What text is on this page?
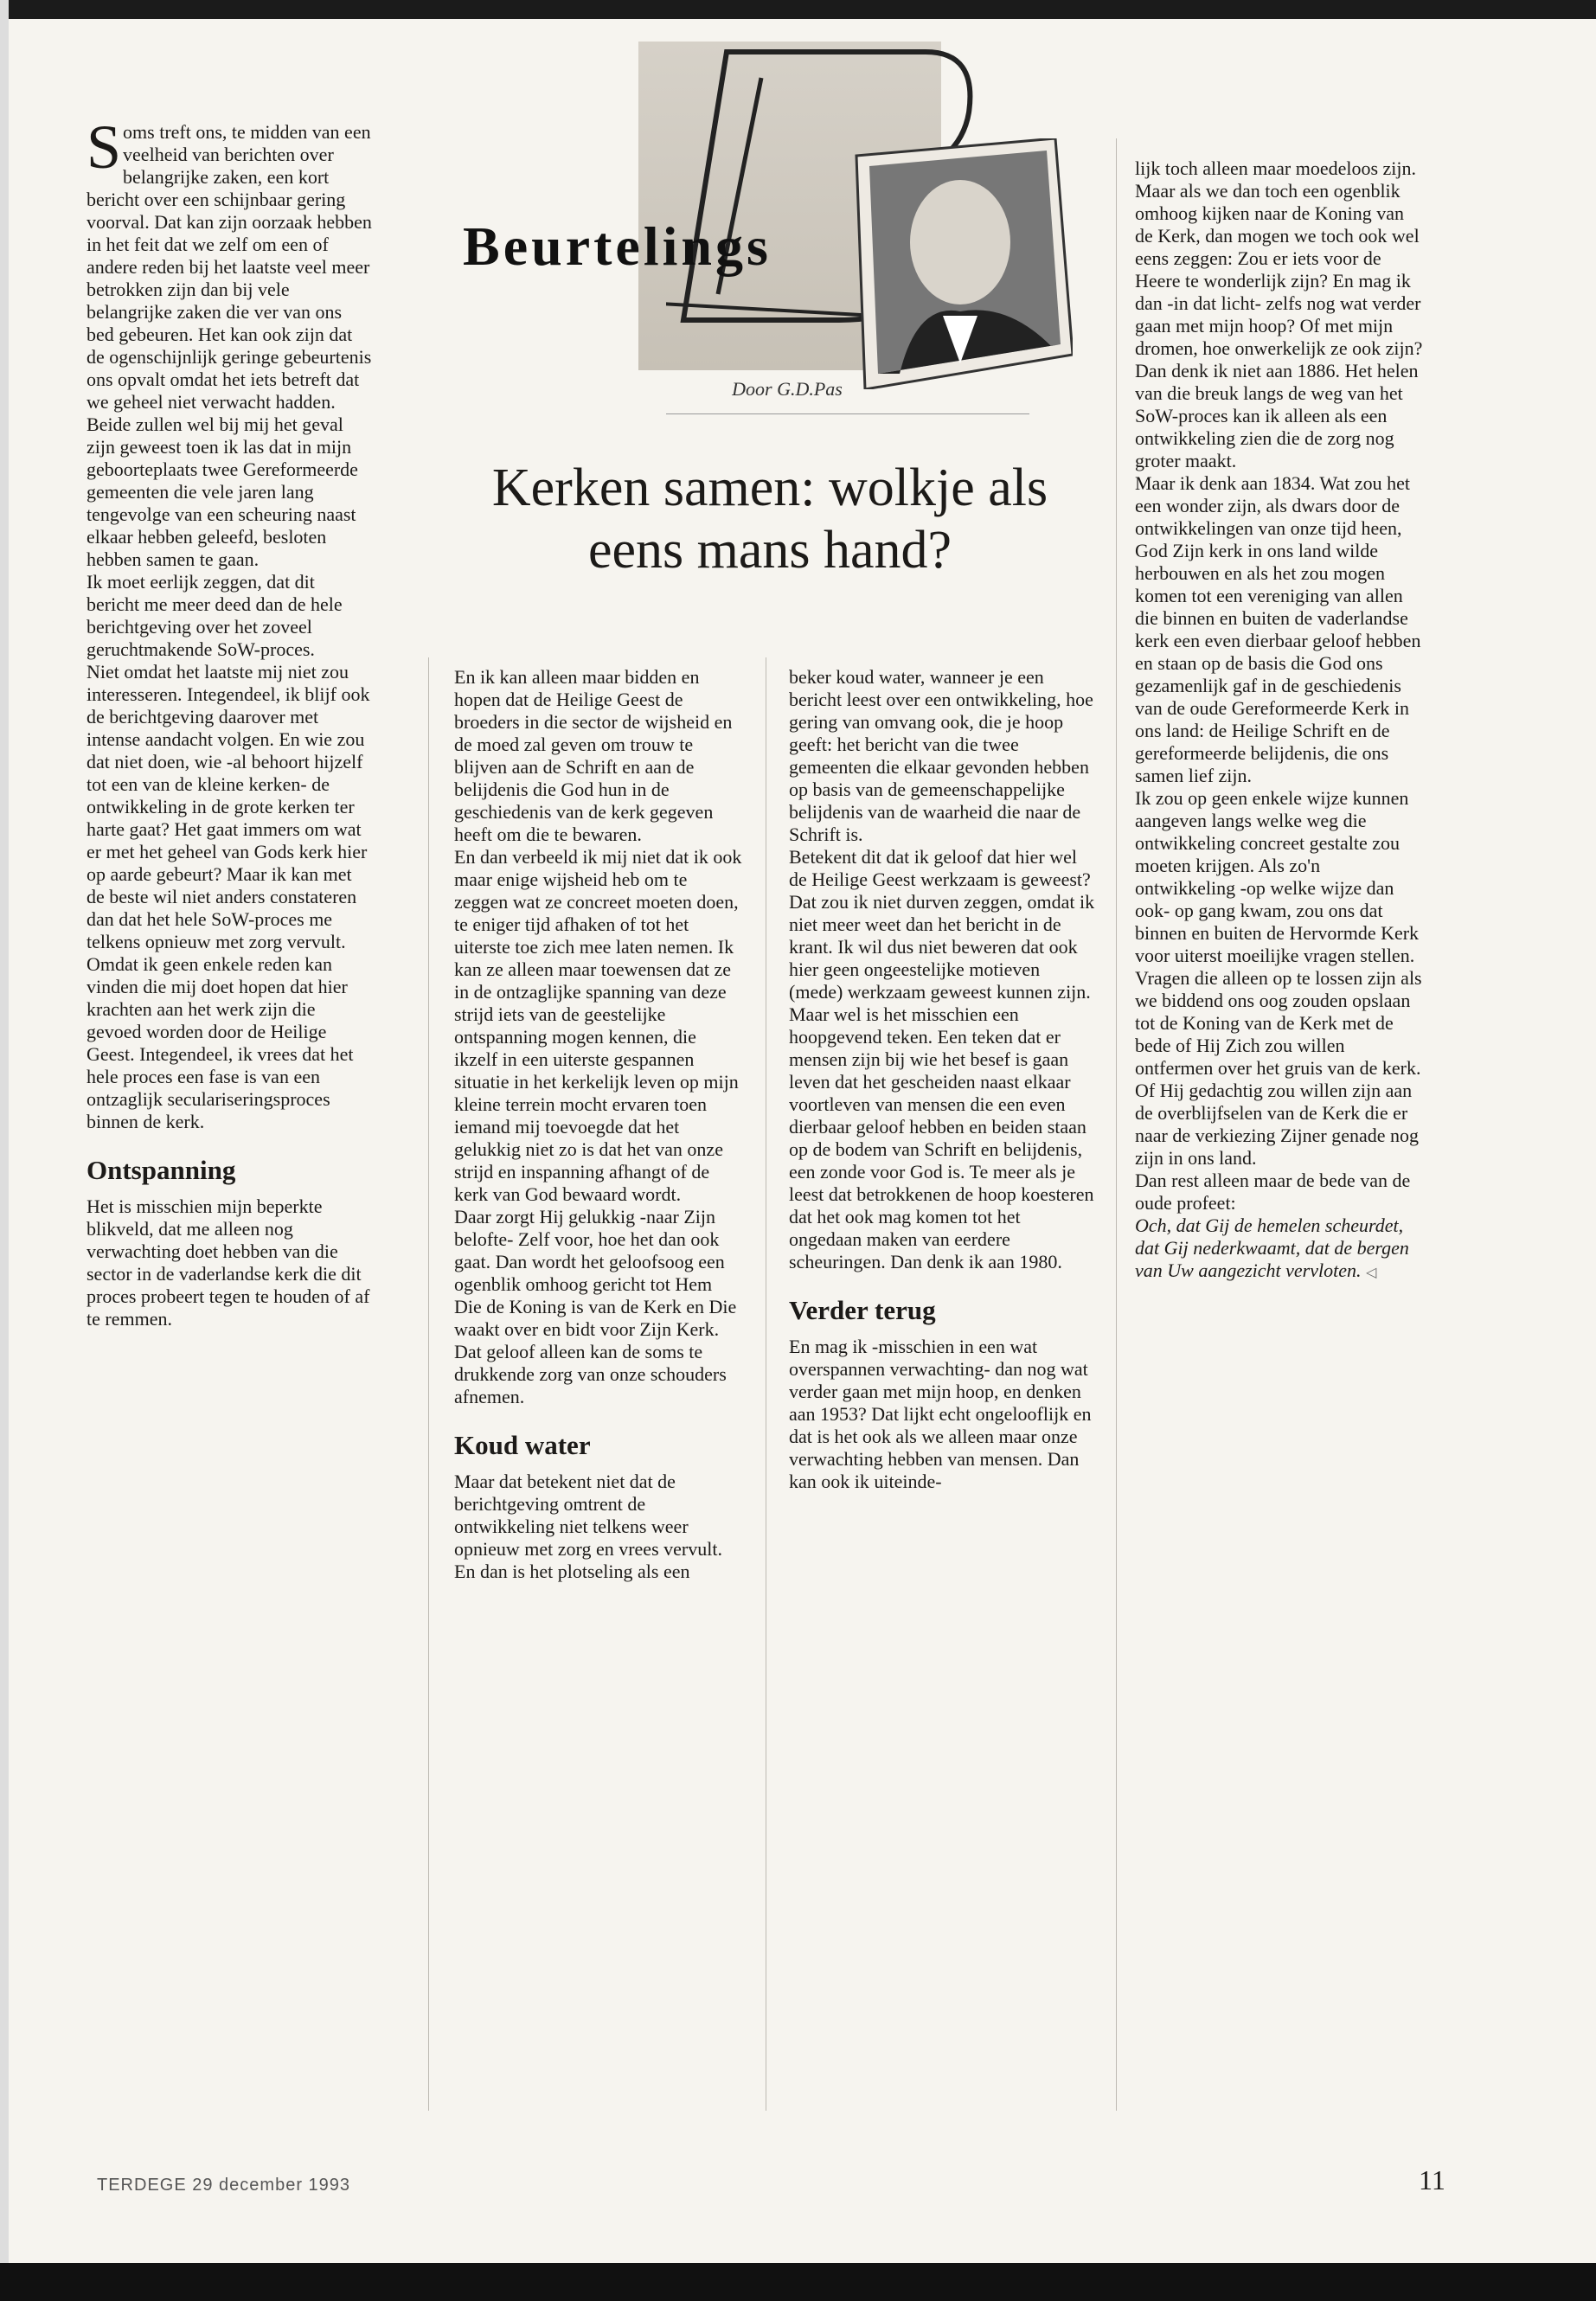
Beurtelings
Door G.D.Pas
Kerken samen: wolkje als eens mans hand?

Soms treft ons, te midden van een veelheid van berichten over belangrijke zaken, een kort bericht over een schijnbaar gering voorval. Dat kan zijn oorzaak hebben in het feit dat we zelf om een of andere reden bij het laatste veel meer betrokken zijn dan bij vele belangrijke zaken die ver van ons bed gebeuren. Het kan ook zijn dat de ogenschijnlijk geringe gebeurtenis ons opvalt omdat het iets betreft dat we geheel niet verwacht hadden.

Beide zullen wel bij mij het geval zijn geweest toen ik las dat in mijn geboorteplaats twee Gereformeerde gemeenten die vele jaren lang tengevolge van een scheuring naast elkaar hebben geleefd, besloten hebben samen te gaan.

Ik moet eerlijk zeggen, dat dit bericht me meer deed dan de hele berichtgeving over het zoveel geruchtmakende SoW-proces.

Niet omdat het laatste mij niet zou interesseren. Integendeel, ik blijf ook de berichtgeving daarover met intense aandacht volgen. En wie zou dat niet doen, wie -al behoort hijzelf tot een van de kleine kerken- de ontwikkeling in de grote kerken ter harte gaat? Het gaat immers om wat er met het geheel van Gods kerk hier op aarde gebeurt? Maar ik kan met de beste wil niet anders constateren dan dat het hele SoW-proces me telkens opnieuw met zorg vervult. Omdat ik geen enkele reden kan vinden die mij doet hopen dat hier krachten aan het werk zijn die gevoed worden door de Heilige Geest. Integendeel, ik vrees dat het hele proces een fase is van een ontzaglijk seculariseringsproces binnen de kerk.

Ontspanning

Het is misschien mijn beperkte blikveld, dat me alleen nog verwachting doet hebben van die sector in de vaderlandse kerk die dit proces probeert tegen te houden of af te remmen.

En ik kan alleen maar bidden en hopen dat de Heilige Geest de broeders in die sector de wijsheid en de moed zal geven om trouw te blijven aan de Schrift en aan de belijdenis die God hun in de geschiedenis van de kerk gegeven heeft om die te bewaren.

En dan verbeeld ik mij niet dat ik ook maar enige wijsheid heb om te zeggen wat ze concreet moeten doen, te eniger tijd afhaken of tot het uiterste toe zich mee laten nemen. Ik kan ze alleen maar toewensen dat ze in de ontzaglijke spanning van deze strijd iets van de geestelijke ontspanning mogen kennen, die ikzelf in een uiterste gespannen situatie in het kerkelijk leven op mijn kleine terrein mocht ervaren toen iemand mij toevoegde dat het gelukkig niet zo is dat het van onze strijd en inspanning afhangt of de kerk van God bewaard wordt.

Daar zorgt Hij gelukkig -naar Zijn belofte- Zelf voor, hoe het dan ook gaat. Dan wordt het geloofsoog een ogenblik omhoog gericht tot Hem Die de Koning is van de Kerk en Die waakt over en bidt voor Zijn Kerk. Dat geloof alleen kan de soms te drukkende zorg van onze schouders afnemen.

Koud water

Maar dat betekent niet dat de berichtgeving omtrent de ontwikkeling niet telkens weer opnieuw met zorg en vrees vervult. En dan is het plotseling als een

beker koud water, wanneer je een bericht leest over een ontwikkeling, hoe gering van omvang ook, die je hoop geeft: het bericht van die twee gemeenten die elkaar gevonden hebben op basis van de gemeenschappelijke belijdenis van de waarheid die naar de Schrift is.

Betekent dit dat ik geloof dat hier wel de Heilige Geest werkzaam is geweest? Dat zou ik niet durven zeggen, omdat ik niet meer weet dan het bericht in de krant. Ik wil dus niet beweren dat ook hier geen ongeestelijke motieven (mede) werkzaam geweest kunnen zijn.

Maar wel is het misschien een hoopgevend teken. Een teken dat er mensen zijn bij wie het besef is gaan leven dat het gescheiden naast elkaar voortleven van mensen die een even dierbaar geloof hebben en beiden staan op de bodem van Schrift en belijdenis, een zonde voor God is. Te meer als je leest dat betrokkenen de hoop koesteren dat het ook mag komen tot het ongedaan maken van eerdere scheuringen. Dan denk ik aan 1980.

Verder terug

En mag ik -misschien in een wat overspannen verwachting- dan nog wat verder gaan met mijn hoop, en denken aan 1953? Dat lijkt echt ongelooflijk en dat is het ook als we alleen maar onze verwachting hebben van mensen. Dan kan ook ik uiteinde-

lijk toch alleen maar moedeloos zijn. Maar als we dan toch een ogenblik omhoog kijken naar de Koning van de Kerk, dan mogen we toch ook wel eens zeggen: Zou er iets voor de Heere te wonderlijk zijn? En mag ik dan -in dat licht- zelfs nog wat verder gaan met mijn hoop? Of met mijn dromen, hoe onwerkelijk ze ook zijn? Dan denk ik niet aan 1886. Het helen van die breuk langs de weg van het SoW-proces kan ik alleen als een ontwikkeling zien die de zorg nog groter maakt.

Maar ik denk aan 1834. Wat zou het een wonder zijn, als dwars door de ontwikkelingen van onze tijd heen, God Zijn kerk in ons land wilde herbouwen en als het zou mogen komen tot een vereniging van allen die binnen en buiten de vaderlandse kerk een even dierbaar geloof hebben en staan op de basis die God ons gezamenlijk gaf in de geschiedenis van de oude Gereformeerde Kerk in ons land: de Heilige Schrift en de gereformeerde belijdenis, die ons samen lief zijn.

Ik zou op geen enkele wijze kunnen aangeven langs welke weg die ontwikkeling concreet gestalte zou moeten krijgen. Als zo'n ontwikkeling -op welke wijze dan ook- op gang kwam, zou ons dat binnen en buiten de Hervormde Kerk voor uiterst moeilijke vragen stellen. Vragen die alleen op te lossen zijn als we biddend ons oog zouden opslaan tot de Koning van de Kerk met de bede of Hij Zich zou willen ontfermen over het gruis van de kerk. Of Hij gedachtig zou willen zijn aan de overblijfselen van de Kerk die er naar de verkiezing Zijner genade nog zijn in ons land.

Dan rest alleen maar de bede van de oude profeet:

Och, dat Gij de hemelen scheurdet, dat Gij nederkwaamt, dat de bergen van Uw aangezicht vervloten. ◁

TERDEGE 29 december 1993	11
